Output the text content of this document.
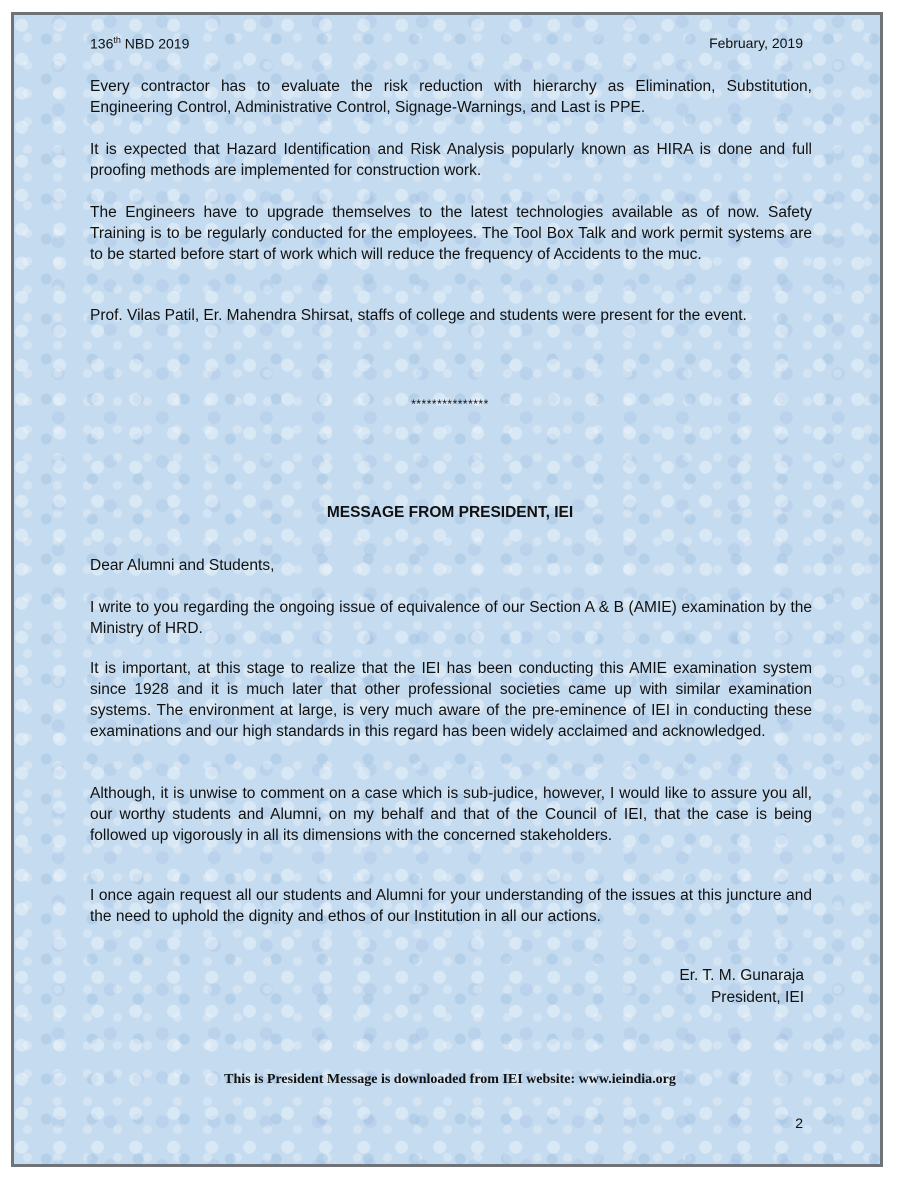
136th NBD 2019	February, 2019

Every contractor has to evaluate the risk reduction with hierarchy as Elimination, Substitution, Engineering Control, Administrative Control, Signage-Warnings, and Last is PPE.

It is expected that Hazard Identification and Risk Analysis popularly known as HIRA is done and full proofing methods are implemented for construction work.

The Engineers have to upgrade themselves to the latest technologies available as of now. Safety Training is to be regularly conducted for the employees. The Tool Box Talk and work permit systems are to be started before start of work which will reduce the frequency of Accidents to the muc.

Prof. Vilas Patil, Er. Mahendra Shirsat, staffs of college and students were present for the event.

***************
MESSAGE FROM PRESIDENT, IEI

Dear Alumni and Students,

I write to you regarding the ongoing issue of equivalence of our Section A & B (AMIE) examination by the Ministry of HRD.

It is important, at this stage to realize that the IEI has been conducting this AMIE examination system since 1928 and it is much later that other professional societies came up with similar examination systems. The environment at large, is very much aware of the pre-eminence of IEI in conducting these examinations and our high standards in this regard has been widely acclaimed and acknowledged.

Although, it is unwise to comment on a case which is sub-judice, however, I would like to assure you all, our worthy students and Alumni, on my behalf and that of the Council of IEI, that the case is being followed up vigorously in all its dimensions with the concerned stakeholders.

I once again request all our students and Alumni for your understanding of the issues at this juncture and the need to uphold the dignity and ethos of our Institution in all our actions.

Er. T. M. Gunaraja
President, IEI
This is President Message is downloaded from IEI website: www.ieindia.org
2
